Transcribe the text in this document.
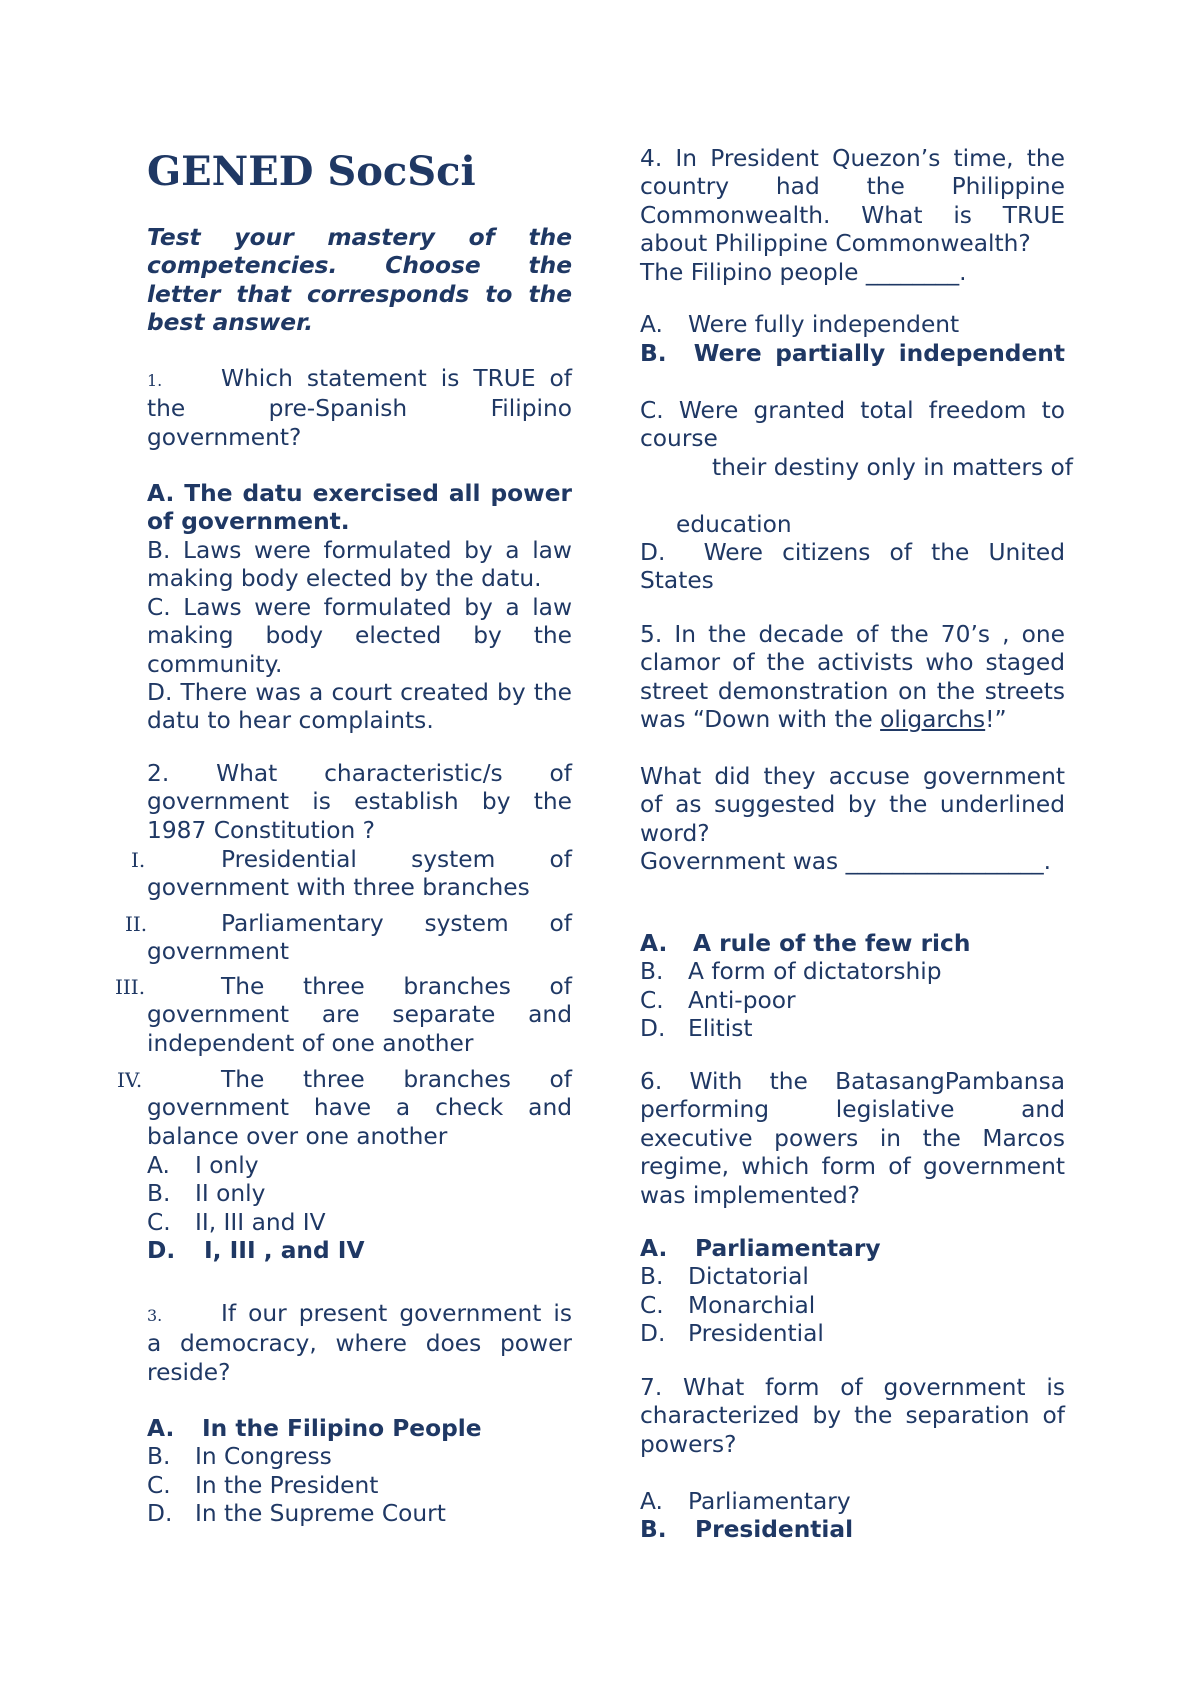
GENED SocSci
Test your mastery of the competencies. Choose the letter that corresponds to the best answer.
1.	Which statement is TRUE of the pre-Spanish Filipino government?
A. The datu exercised all power of government.
B. Laws were formulated by a law making body elected by the datu.
C. Laws were formulated by a law making body elected by the community.
D. There was a court created by the datu to hear complaints.
2. What characteristic/s of government is establish by the 1987 Constitution ?
I.	Presidential system of government with three branches
II.	Parliamentary system of government
III.	The three branches of government are separate and independent of one another
IV.	The three branches of government have a check and balance over one another
A. I only
B. II only
C. II, III and IV
D. I, III , and IV
3.	If our present government is a democracy, where does power reside?
A. In the Filipino People
B. In Congress
C. In the President
D. In the Supreme Court
4. In President Quezon’s time, the country had the Philippine Commonwealth. What is TRUE about Philippine Commonwealth?
The Filipino people ________.
A. Were fully independent
B. Were partially independent
C. Were granted total freedom to course
their destiny only in matters of
education
D. Were citizens of the United States
5. In the decade of the 70’s , one clamor of the activists who staged street demonstration on the streets was “Down with the oligarchs!”
What did they accuse government of as suggested by the underlined word?
Government was _________________.
A. A rule of the few rich
B. A form of dictatorship
C. Anti-poor
D. Elitist
6. With the BatasangPambansa performing legislative and executive powers in the Marcos regime, which form of government was implemented?
A. Parliamentary
B. Dictatorial
C. Monarchial
D. Presidential
7. What form of government is characterized by the separation of powers?
A. Parliamentary
B. Presidential
